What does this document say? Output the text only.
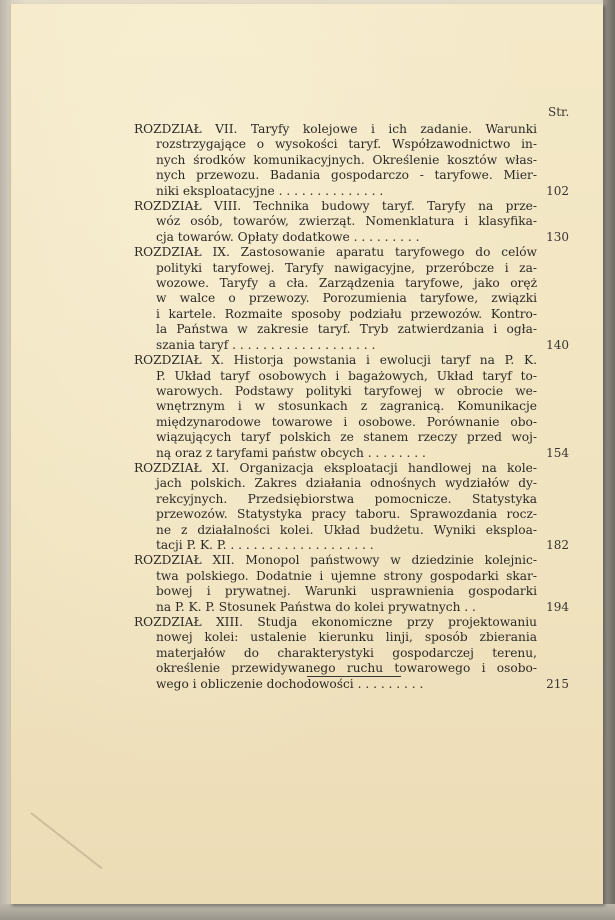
Str.
ROZDZIAŁ VII. Taryfy kolejowe i ich zadanie. Warunki
rozstrzygające o wysokości taryf. Współzawodnictwo in-
nych środków komunikacyjnych. Określenie kosztów włas-
nych przewozu. Badania gospodarczo - taryfowe. Mier-
niki eksploatacyjne . . . . . . . . . . . . . .	102
ROZDZIAŁ VIII. Technika budowy taryf. Taryfy na prze-
wóz osób, towarów, zwierząt. Nomenklatura i klasyfika-
cja towarów. Opłaty dodatkowe . . . . . . . . .	130
ROZDZIAŁ IX. Zastosowanie aparatu taryfowego do celów
polityki taryfowej. Taryfy nawigacyjne, przeróbcze i za-
wozowe. Taryfy a cła. Zarządzenia taryfowe, jako oręż
w walce o przewozy. Porozumienia taryfowe, związki
i kartele. Rozmaite sposoby podziału przewozów. Kontro-
la Państwa w zakresie taryf. Tryb zatwierdzania i ogła-
szania taryf . . . . . . . . . . . . . . . . . . .	140
ROZDZIAŁ X. Historja powstania i ewolucji taryf na P. K.
P. Układ taryf osobowych i bagażowych, Układ taryf to-
warowych. Podstawy polityki taryfowej w obrocie we-
wnętrznym i w stosunkach z zagranicą. Komunikacje
międzynarodowe towarowe i osobowe. Porównanie obo-
wiązujących taryf polskich ze stanem rzeczy przed woj-
ną oraz z taryfami państw obcych . . . . . . . .	154
ROZDZIAŁ XI. Organizacja eksploatacji handlowej na kole-
jach polskich. Zakres działania odnośnych wydziałów dy-
rekcyjnych. Przedsiębiorstwa pomocnicze. Statystyka
przewozów. Statystyka pracy taboru. Sprawozdania rocz-
ne z działalności kolei. Układ budżetu. Wyniki eksploa-
tacji P. K. P. . . . . . . . . . . . . . . . . . . .	182
ROZDZIAŁ XII. Monopol państwowy w dziedzinie kolejnic-
twa polskiego. Dodatnie i ujemne strony gospodarki skar-
bowej i prywatnej. Warunki usprawnienia gospodarki
na P. K. P. Stosunek Państwa do kolei prywatnych . .	194
ROZDZIAŁ XIII. Studja ekonomiczne przy projektowaniu
nowej kolei: ustalenie kierunku linji, sposób zbierania
materjałów do charakterystyki gospodarczej terenu,
określenie przewidywanego ruchu towarowego i osobo-
wego i obliczenie dochodowości . . . . . . . . .	215
